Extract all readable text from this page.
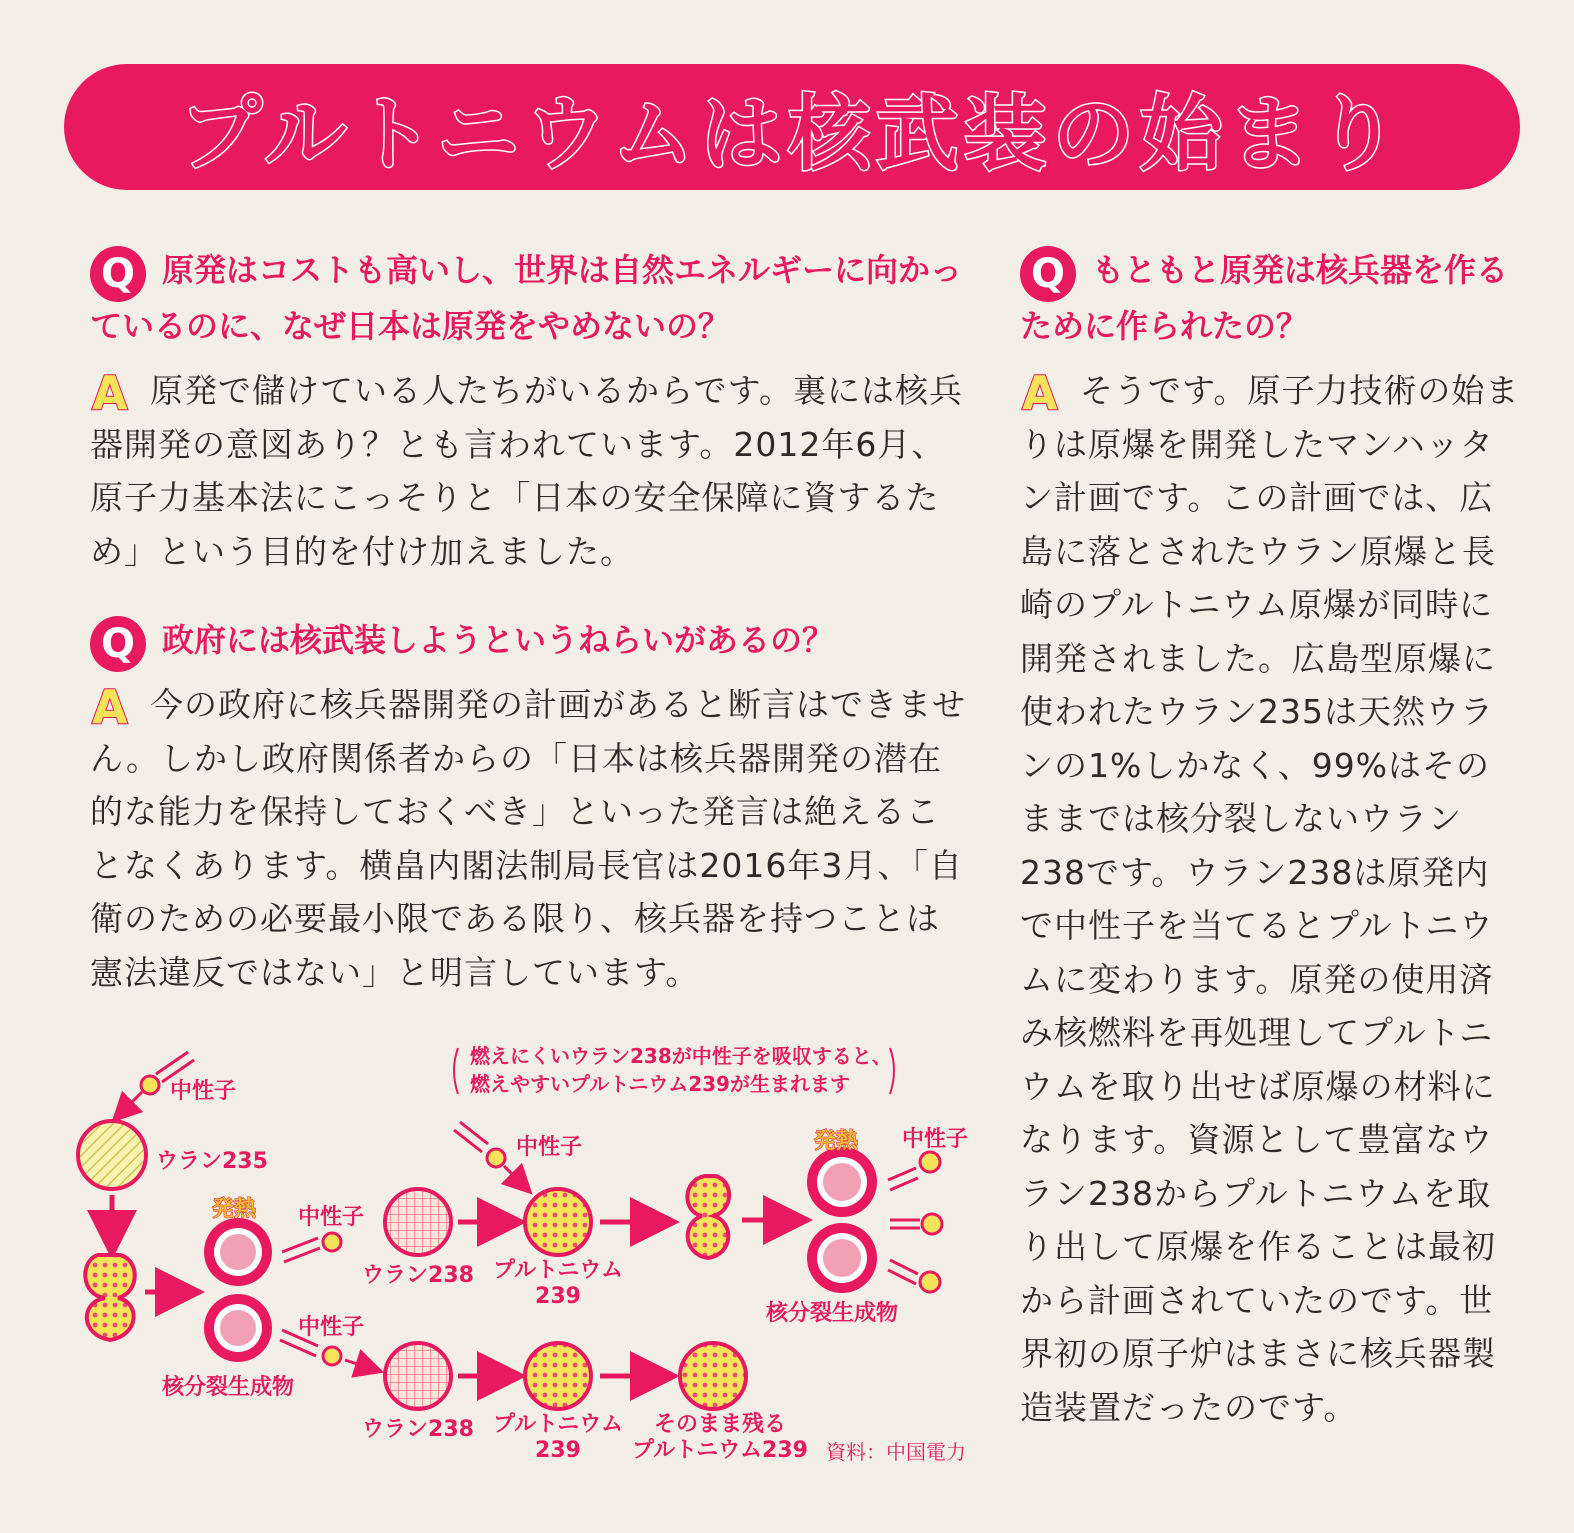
プルトニウムは核武装の始まり
Q 原発はコストも高いし、世界は自然エネルギーに向かっているのに、なぜ日本は原発をやめないの？
A 原発で儲けている人たちがいるからです。裏には核兵器開発の意図あり？とも言われています。2012年6月、原子力基本法にこっそりと「日本の安全保障に資するため」という目的を付け加えました。
Q 政府には核武装しようというねらいがあるの？
A 今の政府に核兵器開発の計画があると断言はできません。しかし政府関係者からの「日本は核兵器開発の潜在的な能力を保持しておくべき」といった発言は絶えることなくあります。横畠内閣法制局長官は2016年3月、「自衛のための必要最小限である限り、核兵器を持つことは憲法違反ではない」と明言しています。
Q もともと原発は核兵器を作るために作られたの？
A そうです。原子力技術の始まりは原爆を開発したマンハッタン計画です。この計画では、広島に落とされたウラン原爆と長崎のプルトニウム原爆が同時に開発されました。広島型原爆に使われたウラン235は天然ウランの1%しかなく、99%はそのままでは核分裂しないウラン238です。ウラン238は原発内で中性子を当てるとプルトニウムに変わります。原発の使用済み核燃料を再処理してプルトニウムを取り出せば原爆の材料になります。資源として豊富なウラン238からプルトニウムを取り出して原爆を作ることは最初から計画されていたのです。世界初の原子炉はまさに核兵器製造装置だったのです。
燃えにくいウラン238が中性子を吸収すると、
燃えやすいプルトニウム239が生まれます
中性子
ウラン235
発熱
核分裂生成物
中性子
ウラン238
中性子
プルトニウム
239
発熱 中性子
核分裂生成物
中性子
ウラン238 プルトニウム
239
そのまま残る
プルトニウム239 資料：中国電力
